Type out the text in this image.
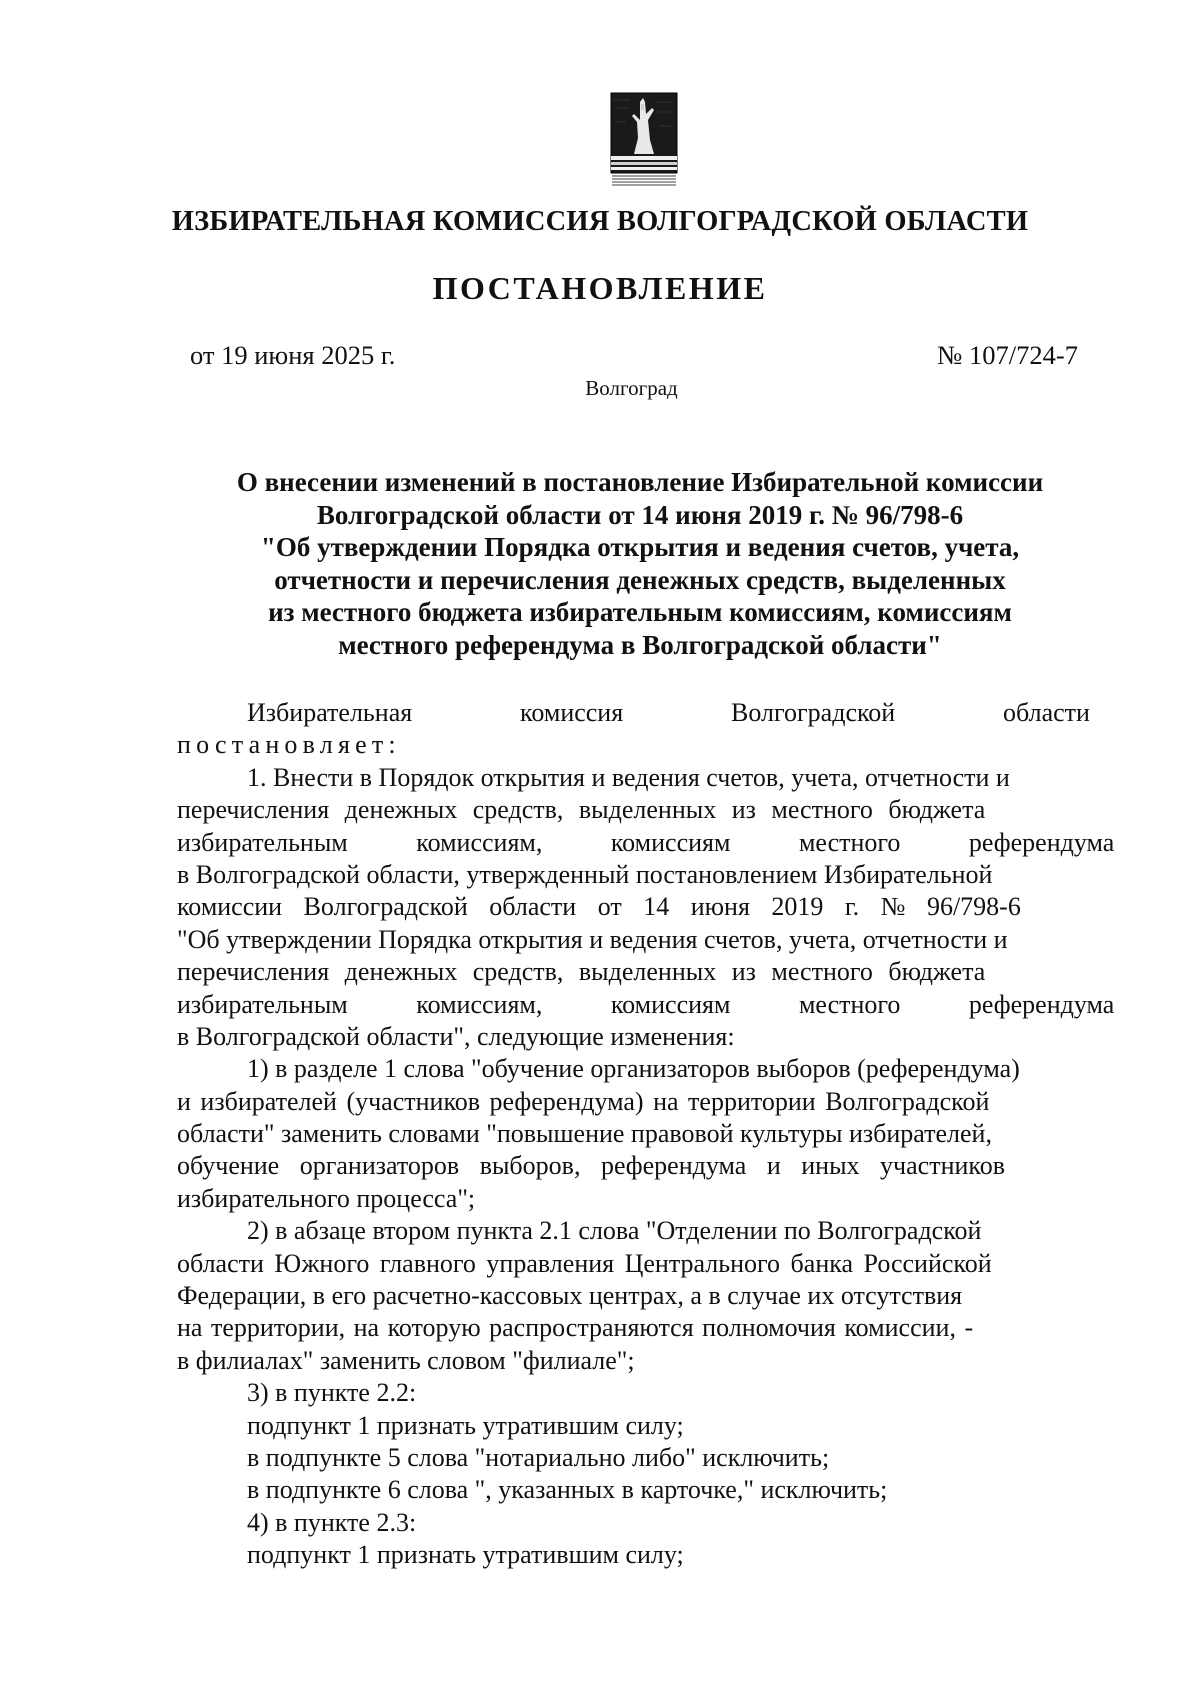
ИЗБИРАТЕЛЬНАЯ КОМИССИЯ ВОЛГОГРАДСКОЙ ОБЛАСТИ
ПОСТАНОВЛЕНИЕ
от 19 июня 2025 г.	№ 107/724-7
Волгоград
О внесении изменений в постановление Избирательной комиссии
Волгоградской области от 14 июня 2019 г. № 96/798-6
"Об утверждении Порядка открытия и ведения счетов, учета,
отчетности и перечисления денежных средств, выделенных
из местного бюджета избирательным комиссиям, комиссиям
местного референдума в Волгоградской области"
Избирательная	комиссия	Волгоградской	области
постановляет:
1. Внести в Порядок открытия и ведения счетов, учета, отчетности и
перечисления денежных средств, выделенных из местного бюджета
избирательным комиссиям, комиссиям местного референдума
в Волгоградской области, утвержденный постановлением Избирательной
комиссии Волгоградской области от 14 июня 2019 г. № 96/798-6
"Об утверждении Порядка открытия и ведения счетов, учета, отчетности и
перечисления денежных средств, выделенных из местного бюджета
избирательным комиссиям, комиссиям местного референдума
в Волгоградской области", следующие изменения:
1) в разделе 1 слова "обучение организаторов выборов (референдума)
и избирателей (участников референдума) на территории Волгоградской
области" заменить словами "повышение правовой культуры избирателей,
обучение организаторов выборов, референдума и иных участников
избирательного процесса";
2) в абзаце втором пункта 2.1 слова "Отделении по Волгоградской
области Южного главного управления Центрального банка Российской
Федерации, в его расчетно-кассовых центрах, а в случае их отсутствия
на территории, на которую распространяются полномочия комиссии, -
в филиалах" заменить словом "филиале";
3) в пункте 2.2:
подпункт 1 признать утратившим силу;
в подпункте 5 слова "нотариально либо" исключить;
в подпункте 6 слова ", указанных в карточке," исключить;
4) в пункте 2.3:
подпункт 1 признать утратившим силу;
